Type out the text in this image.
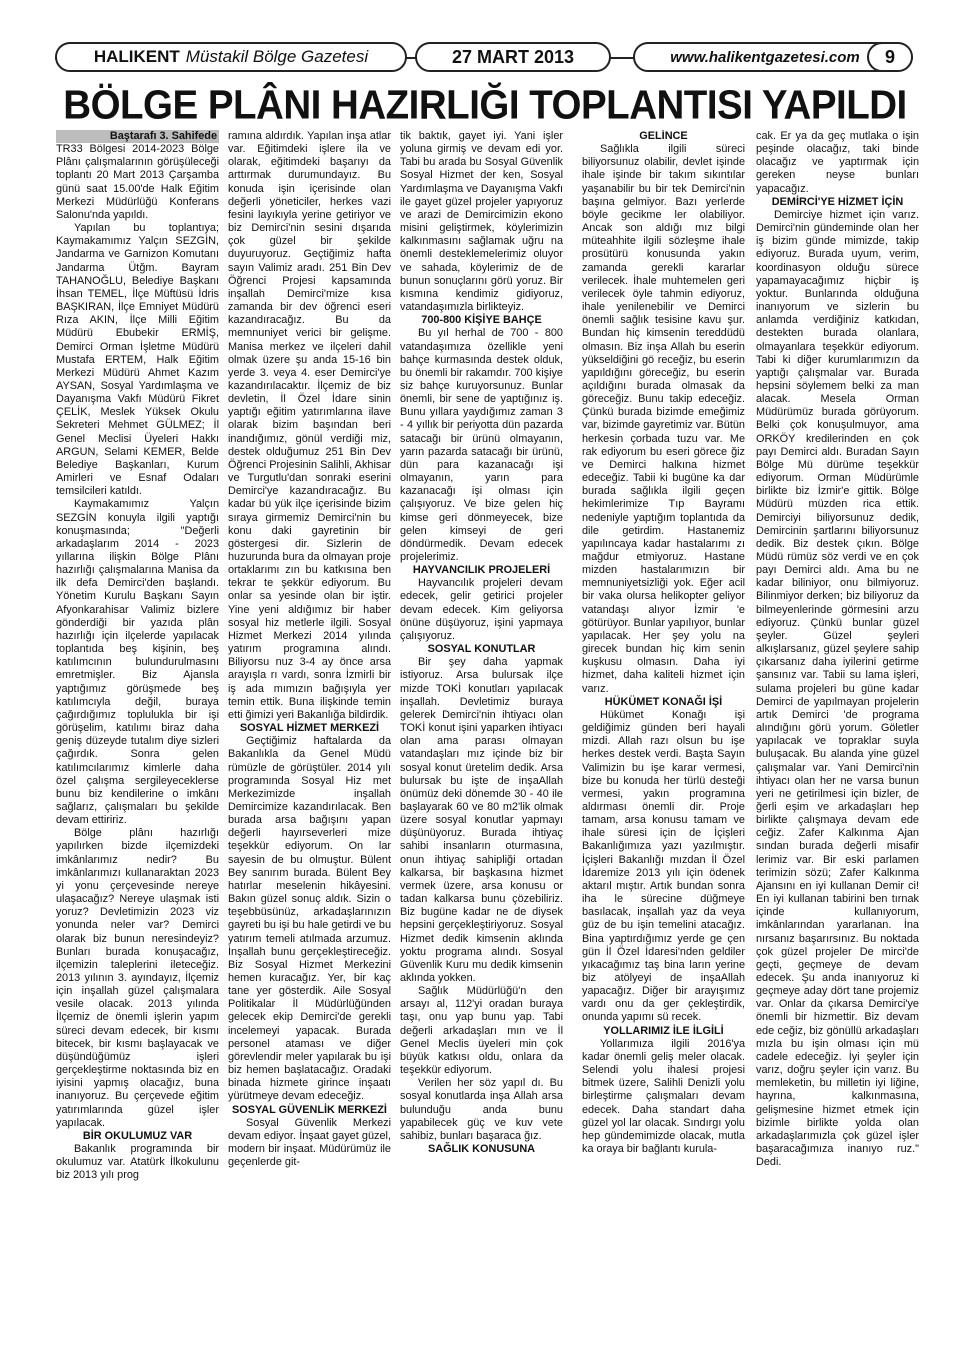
HALIKENT Müstakil Bölge Gazetesi	27 MART 2013	www.halikentgazetesi.com	9
BÖLGE PLÂNI HAZIRLIĞI TOPLANTISI YAPILDI
Baştarafı 3. Sahifede

TR33 Bölgesi 2014-2023 Bölge Plânı çalışmalarının görüşüleceği toplantı 20 Mart 2013 Çarşamba günü saat 15.00'de Halk Eğitim Merkezi Müdürlüğü Konferans Salonu'nda yapıldı.

Yapılan bu toplantıya; Kaymakamımız Yalçın SEZGİN, Jandarma ve Garnizon Komutanı Jandarma Ütğm. Bayram TAHANOĞLU, Belediye Başkanı İhsan TEMEL, İlçe Müftüsü İdris BAŞKIRAN, İlçe Emniyet Müdürü Rıza AKIN, İlçe Milli Eğitim Müdürü Ebubekir ERMİŞ, Demirci Orman İşletme Müdürü Mustafa ERTEM, Halk Eğitim Merkezi Müdürü Ahmet Kazım AYSAN, Sosyal Yardımlaşma ve Dayanışma Vakfı Müdürü Fikret ÇELİK, Meslek Yüksek Okulu Sekreteri Mehmet GÜLMEZ; İl Genel Meclisi Üyeleri Hakkı ARGUN, Selami KEMER, Belde Belediye Başkanları, Kurum Amirleri ve Esnaf Odaları temsilcileri katıldı.

Kaymakamımız Yalçın SEZGİN konuyla ilgili yaptığı konuşmasında; "Değerli arkadaşlarım 2014 - 2023 yıllarına ilişkin Bölge Plânı hazırlığı çalışmalarına Manisa da ilk defa Demirci'den başlandı. Yönetim Kurulu Başkanı Sayın Afyonkarahisar Valimiz bizlere gönderdiği bir yazıda plân hazırlığı için ilçelerde yapılacak toplantıda beş kişinin, beş katılımcının bulundurulmasını emretmişler. Biz Ajansla yaptığımız görüşmede beş katılımcıyla değil, buraya çağırdığımız topluluklа bir işi görüşelim, katılımı biraz daha geniş düzeyde tutalım diye sizleri çağırdık. Sonra gelen katılımcılarımız kimlerle daha özel çalışma sergileyeceklerse bunu biz kendilerine o imkânı sağlarız, çalışmaları bu şekilde devam ettiririz.

Bölge plânı hazırlığı yapılırken bizde ilçemizdeki imkânlarımız nedir? Bu imkânlarımızı kullanaraktan 2023 yi yonu çerçevesinde nereye ulaşacağız? Nereye ulaşmak isti yoruz? Devletimizin 2023 viz yonunda neler var? Demirci olarak biz bunun neresindeyiz? Bunları burada konuşacağız, ilçemizin taleplerini ileteceğiz. 2013 yılının 3. ayındayız, İlçemiz için inşallah güzel çalışmalara vesile olacak. 2013 yılında İlçemiz de önemli işlerin yapım süreci devam edecek, bir kısmı bitecek, bir kısmı başlayacak ve düşündüğümüz işleri gerçekleştirme noktasında biz en iyisini yapmış olacağız, buna inanıyoruz. Bu çerçevede eğitim yatırımlarında güzel işler yapılacak.

BİR OKULUMUZ VAR

Bakanlık programında bir okulumuz var. Atatürk İlkokulunu biz 2013 yılı prog

ramına aldırdık. Yapılan inşa atlar var. Eğitimdeki işlere ila ve olarak, eğitimdeki başarıyı da arttırmak durumundayız. Bu konuda işin içerisinde olan değerli yöneticiler, herkes vazi fesini layıkıyla yerine getiriyor ve biz Demirci'nin sesini dışarıda çok güzel bir şekilde duyuruyoruz. Geçtiğimiz hafta sayın Valimiz aradı. 251 Bin Dev Öğrenci Projesi kapsamında inşallah Demirci'mize kısa zamanda bir dev öğrenci eseri kazandıracağız. Bu da memnuniyet verici bir gelişme. Manisa merkez ve ilçeleri dahil olmak üzere şu anda 15-16 bin yerde 3. veya 4. eser Demirci'ye kazandırılacaktır. İlçemiz de biz devletin, İl Özel İdare sinin yaptığı eğitim yatırımlarına ilave olarak bizim başından beri inandığımız, gönül verdiği miz, destek olduğumuz 251 Bin Dev Öğrenci Projesinin Salihli, Akhisar ve Turgutlu'dan sonraki eserini Demirci'ye kazandıracağız. Bu kadar bü yük ilçe içerisinde bizim sıraya girmemiz Demirci'nin bu konu daki gayretinin bir göstergesi dir. Sizlerin de huzurunda bura da olmayan proje ortaklarımı zın bu katkısına ben tekrar te şekkür ediyorum. Bu onlar sa yesinde olan bir iştir. Yine yeni aldığımız bir haber sosyal hiz metlerle ilgili. Sosyal Hizmet Merkezi 2014 yılında yatırım programına alındı. Biliyorsu nuz 3-4 ay önce arsa arayışla rı vardı, sonra İzmirli bir iş ada mımızın bağışıyla yer temin ettik. Buna ilişkinde temin etti ğimizi yeri Bakanlığa bildirdik.

SOSYAL HİZMET MERKEZİ

Geçtiğimiz haftalarda da Bakanlıkla da Genel Müdü rümüzle de görüştüler. 2014 yılı programında Sosyal Hiz met Merkezimizde inşallah Demircimize kazandırılacak. Ben burada arsa bağışını yapan değerli hayırseverleri mize teşekkür ediyorum. On lar sayesin de bu olmuştur. Bülent Bey sanırım burada. Bülent Bey hatırlar meselenin hikâyesini. Bakın güzel sonuç aldık. Sizin o teşebbüsünüz, arkadaşlarınızın gayreti bu işi bu hale getirdi ve bu yatırım temeli atılmada arzumuz. İnşallah bunu gerçekleştireceğiz. Biz Sosyal Hizmet Merkezini hemen kuracağız. Yer, bir kaç tane yer gösterdik. Aile Sosyal Politikalar İl Müdürlüğünden gelecek ekip Demirci'de gerekli incelemeyi yapacak. Burada personel ataması ve diğer görevlendir meler yapılarak bu işi biz hemen başlatacağız. Oradaki binada hizmete girince inşaatı yürütmeye devam edeceğiz.

SOSYAL GÜVENLİK MERKEZİ

Sosyal Güvenlik Merkezi devam ediyor. İnşaat gayet güzel, modern bir inşaat. Müdürümüz ile geçenlerde git-

tik baktık, gayet iyi. Yani işler yoluna girmiş ve devam edi yor. Tabi bu arada bu Sosyal Güvenlik Sosyal Hizmet der ken, Sosyal Yardımlaşma ve Dayanışma Vakfı ile gayet güzel projeler yapıyoruz ve arazi de Demircimizin ekono misini geliştirmek, köylerimizin kalkınmasını sağlamak uğru na önemli desteklemelerimiz oluyor ve sahada, köylerimiz de de bunun sonuçlarını görü yoruz. Bir kısmına kendimiz gidiyoruz, vatandaşımızla birlikteyiz.

700-800 KİŞİYE BAHÇE

Bu yıl herhal de 700 - 800 vatandaşımıza özellikle yeni bahçe kurmasında destek olduk, bu önemli bir rakamdır. 700 kişiye siz bahçe kuruyorsunuz. Bunlar önemli, bir sene de yaptığınız iş. Bunu yıllara yaydığımız zaman 3 - 4 yıllık bir periyotta dün pazarda satacağı bir ürünü olmayanın, yarın pazarda satacağı bir ürünü, dün para kazanacağı işi olmayanın, yarın para kazanacağı işi olması için çalışıyoruz. Ve bize gelen hiç kimse geri dönmeyecek, bize gelen kimseyi de geri döndürmedik. Devam edecek projelerimiz.

HAYVANCILIK PROJELERİ

Hayvancılık projeleri devam edecek, gelir getirici projeler devam edecek. Kim geliyorsa önüne düşüyoruz, işini yapmaya çalışıyoruz.

SOSYAL KONUTLAR

Bir şey daha yapmak istiyoruz. Arsa bulursak ilçe mizde TOKİ konutları yapılacak inşallah. Devletimiz buraya gelerek Demirci'nin ihtiyacı olan TOKİ konut işini yaparken ihtiyacı olan ama parası olmayan vatandaşları mız içinde biz bir sosyal konut üretelim dedik. Arsa bulursak bu işte de inşaAllah önümüz deki dönemde 30 - 40 ile başlayarak 60 ve 80 m2'lik olmak üzere sosyal konutlar yapmayı düşünüyoruz. Burada ihtiyaç sahibi insanların oturmasına, onun ihtiyaç sahipliği ortadan kalkarsa, bir başkasına hizmet vermek üzere, arsa konusu or tadan kalkarsa bunu çözebiliriz. Biz bugüne kadar ne de diysek hepsini gerçekleştiriyoruz. Sosyal Hizmet dedik kimsenin aklında yoktu programa alındı. Sosyal Güvenlik Kuru mu dedik kimsenin aklında yokken.

Sağlık Müdürlüğü'n den arsayı al, 112'yi oradan buraya taşı, onu yap bunu yap. Tabi değerli arkadaşları mın ve İl Genel Meclis üyeleri min çok büyük katkısı oldu, onlara da teşekkür ediyorum.

Verilen her söz yapıl dı. Bu sosyal konutlarda inşa Allah arsa bulunduğu anda bunu yapabilecek güç ve kuv vete sahibiz, bunları başaraca ğız.

SAĞLIK KONUSUNA
GELİNCE

Sağlıkla ilgili süreci biliyorsunuz olabilir, devlet işinde ihale işinde bir takım sıkıntılar yaşanabilir bu bir tek Demirci'nin başına gelmiyor. Bazı yerlerde böyle gecikme ler olabiliyor. Ancak son aldığı mız bilgi müteahhite ilgili sözleşme ihale prosütürü konusunda yakın zamanda gerekli kararlar verilecek. İhale muhtemelen geri verilecek öyle tahmin ediyoruz, ihale yenilenebilir ve Demirci önemli sağlık tesisine kavu şur. Bundan hiç kimsenin tereddüdü olmasın. Biz inşa Allah bu eserin yükseldiğini gö receğiz, bu eserin yapıldığını göreceğiz, bu eserin açıldığını burada olmasak da göreceğiz. Bunu takip edeceğiz. Çünkü burada bizimde emeğimiz var, bizimde gayretimiz var. Bütün herkesin çorbada tuzu var. Me rak ediyorum bu eseri görece ğiz ve Demirci halkına hizmet edeceğiz. Tabii ki bugüne ka dar burada sağlıkla ilgili geçen hekimlerimize Tıp Bayramı nedeniyle yaptığım toplantıda da dile getirdim. Hastanemiz yapılıncaya kadar hastalarımı zı mağdur etmiyoruz. Hastane mizden hastalarımızın bir memnuniyetsizliği yok. Eğer acil bir vaka olursa helikopter geliyor vatandaşı alıyor İzmir 'e götürüyor. Bunlar yapılıyor, bunlar yapılacak. Her şey yolu na girecek bundan hiç kim senin kuşkusu olmasın. Daha iyi hizmet, daha kaliteli hizmet için varız.

HÜKÜMET KONAĞI İŞİ

Hükümet Konağı işi geldiğimiz günden beri hayali mizdi. Allah razı olsun bu işe herkes destek verdi. Başta Sayın Valimizin bu işe karar vermesi, bize bu konuda her türlü desteği vermesi, yakın programına aldırması önemli dir. Proje tamam, arsa konusu tamam ve ihale süresi için de İçişleri Bakanlığımıza yazı yazılmıştır. İçişleri Bakanlığı mızdan İl Özel İdaremize 2013 yılı için ödenek aktarıl mıştır. Artık bundan sonra iha le sürecine düğmeye basılacak, inşallah yaz da veya güz de bu işin temelini atacağız. Bina yaptırdığımız yerde ge çen gün İl Özel İdaresi'nden geldiler yıkacağımız taş bina ların yerine biz atölyeyi de inşaAllah yapacağız. Diğer bir arayışımız vardı onu da ger çekleştirdik, onunda yapımı sü recek.

YOLLARIMIZ İLE İLGİLİ

Yollarımıza ilgili 2016'ya kadar önemli geliş meler olacak. Selendi yolu ihalesi projesi bitmek üzere, Salihli Denizli yolu birleştirme çalışmaları devam edecek. Daha standart daha güzel yol lar olacak. Sındırgı yolu hep gündemimizde olacak, mutla ka oraya bir bağlantı kurula-

cak. Er ya da geç mutlaka o işin peşinde olacağız, taki binde olacağız ve yaptırmak için gereken neyse bunları yapacağız.

DEMİRCİ'YE HİZMET İÇİN

Demirciye hizmet için varız. Demirci'nin gündeminde olan her iş bizim günde mimizde, takip ediyoruz. Burada uyum, verim, koordinasyon olduğu sürece yapamayacağımız hiçbir iş yoktur. Bunlarında olduğuna inanıyorum ve sizlerin bu anlamda verdiğiniz katkıdan, destekten burada olanlara, olmayanlara teşekkür ediyorum. Tabi ki diğer kurumlarımızın da yaptığı çalışmalar var. Burada hepsini söylemem belki za man alacak. Mesela Orman Müdürümüz burada görüyorum. Belki çok konuşulmuyor, ama ORKÖY kredilerinden en çok payı Demirci aldı. Buradan Sayın Bölge Mü dürüme teşekkür ediyorum. Orman Müdürümle birlikte biz İzmir'e gittik. Bölge Müdürü müzden rica ettik. Demirciyi biliyorsunuz dedik, Demircinin şartlarını biliyorsunuz dedik. Biz destek çıkın. Bölge Müdü rümüz söz verdi ve en çok payı Demirci aldı. Ama bu ne kadar biliniyor, onu bilmiyoruz. Bilinmiyor derken; biz biliyoruz da bilmeyenlerinde görmesini arzu ediyoruz. Çünkü bunlar güzel şeyler. Güzel şeyleri alkışlarsanız, güzel şeylere sahip çıkarsanız daha iyilerini getirme şansınız var. Tabii su lama işleri, sulama projeleri bu güne kadar Demirci de yapılmayan projelerin artık Demirci 'de programa alındığını görü yorum. Göletler yapılacak ve topraklar suyla buluşacak. Bu alanda yine güzel çalışmalar var. Yani Demirci'nin ihtiyacı olan her ne varsa bunun yeri ne getirilmesi için bizler, de ğerli eşim ve arkadaşları hep birlikte çalışmaya devam ede ceğiz. Zafer Kalkınma Ajan sından burada değerli misafir lerimiz var. Bir eski parlamen terimizin sözü; Zafer Kalkınma Ajansını en iyi kullanan Demir ci! En iyi kullanan tabirini ben tırnak içinde kullanıyorum, imkânlarından yararlanan. İna nırsanız başarırsınız. Bu noktada çok güzel projeler De mirci'de geçti, geçmeye de devam edecek. Şu anda inanıyoruz ki geçmeye aday dört tane projemiz var. Onlar da çıkarsa Demirci'ye önemli bir hizmettir. Biz devam ede ceğiz, biz gönüllü arkadaşları mızla bu işin olması için mü cadele edeceğiz. İyi şeyler için varız, doğru şeyler için varız. Bu memleketin, bu milletin iyi liğine, hayrına, kalkınmasına, gelişmesine hizmet etmek için bizimle birlikte yolda olan arkadaşlarımızla çok güzel işler başaracağımıza inanıyo ruz." Dedi.
